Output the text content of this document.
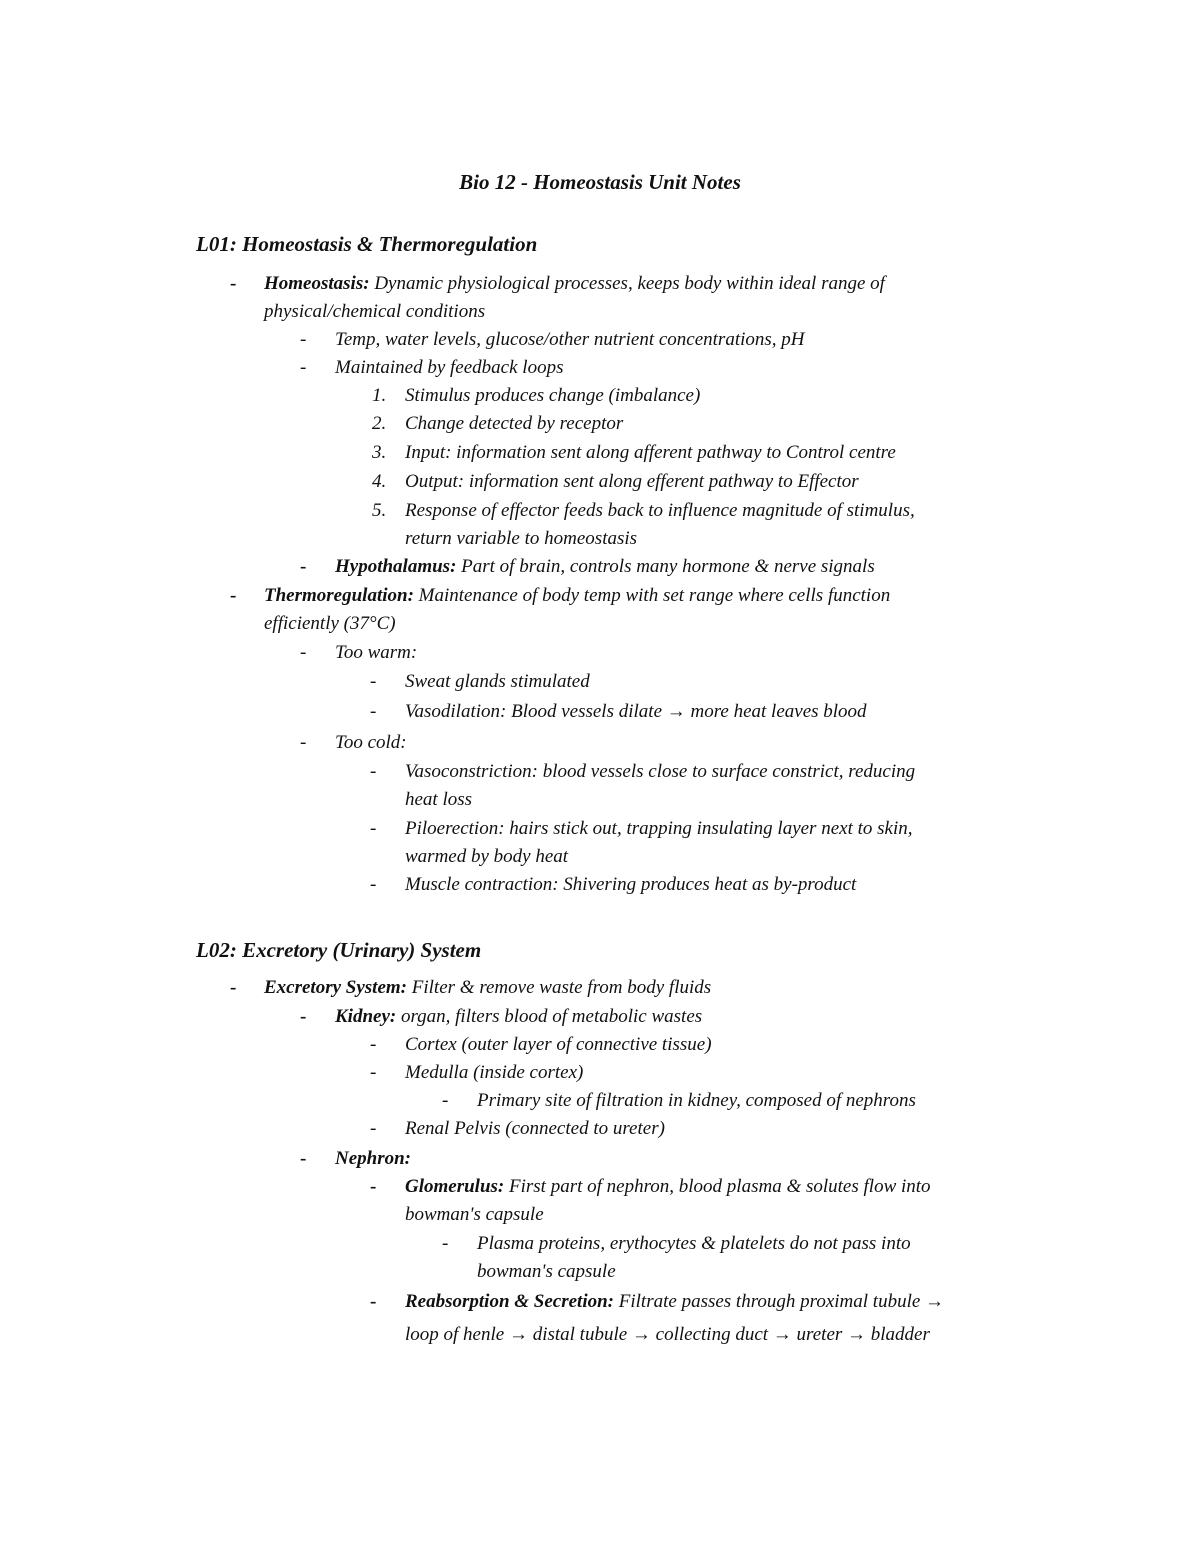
Bio 12 - Homeostasis Unit Notes
L01: Homeostasis & Thermoregulation
- Homeostasis: Dynamic physiological processes, keeps body within ideal range of
physical/chemical conditions
- Temp, water levels, glucose/other nutrient concentrations, pH
- Maintained by feedback loops
1. Stimulus produces change (imbalance)
2. Change detected by receptor
3. Input: information sent along afferent pathway to Control centre
4. Output: information sent along efferent pathway to Effector
5. Response of effector feeds back to influence magnitude of stimulus,
return variable to homeostasis
- Hypothalamus: Part of brain, controls many hormone & nerve signals
- Thermoregulation: Maintenance of body temp with set range where cells function
efficiently (37°C)
- Too warm:
- Sweat glands stimulated
- Vasodilation: Blood vessels dilate → more heat leaves blood
- Too cold:
- Vasoconstriction: blood vessels close to surface constrict, reducing
heat loss
- Piloerection: hairs stick out, trapping insulating layer next to skin,
warmed by body heat
- Muscle contraction: Shivering produces heat as by-product
L02: Excretory (Urinary) System
- Excretory System: Filter & remove waste from body fluids
- Kidney: organ, filters blood of metabolic wastes
- Cortex (outer layer of connective tissue)
- Medulla (inside cortex)
- Primary site of filtration in kidney, composed of nephrons
- Renal Pelvis (connected to ureter)
- Nephron:
- Glomerulus: First part of nephron, blood plasma & solutes flow into
bowman's capsule
- Plasma proteins, erythocytes & platelets do not pass into
bowman's capsule
- Reabsorption & Secretion: Filtrate passes through proximal tubule →
loop of henle → distal tubule → collecting duct → ureter → bladder
